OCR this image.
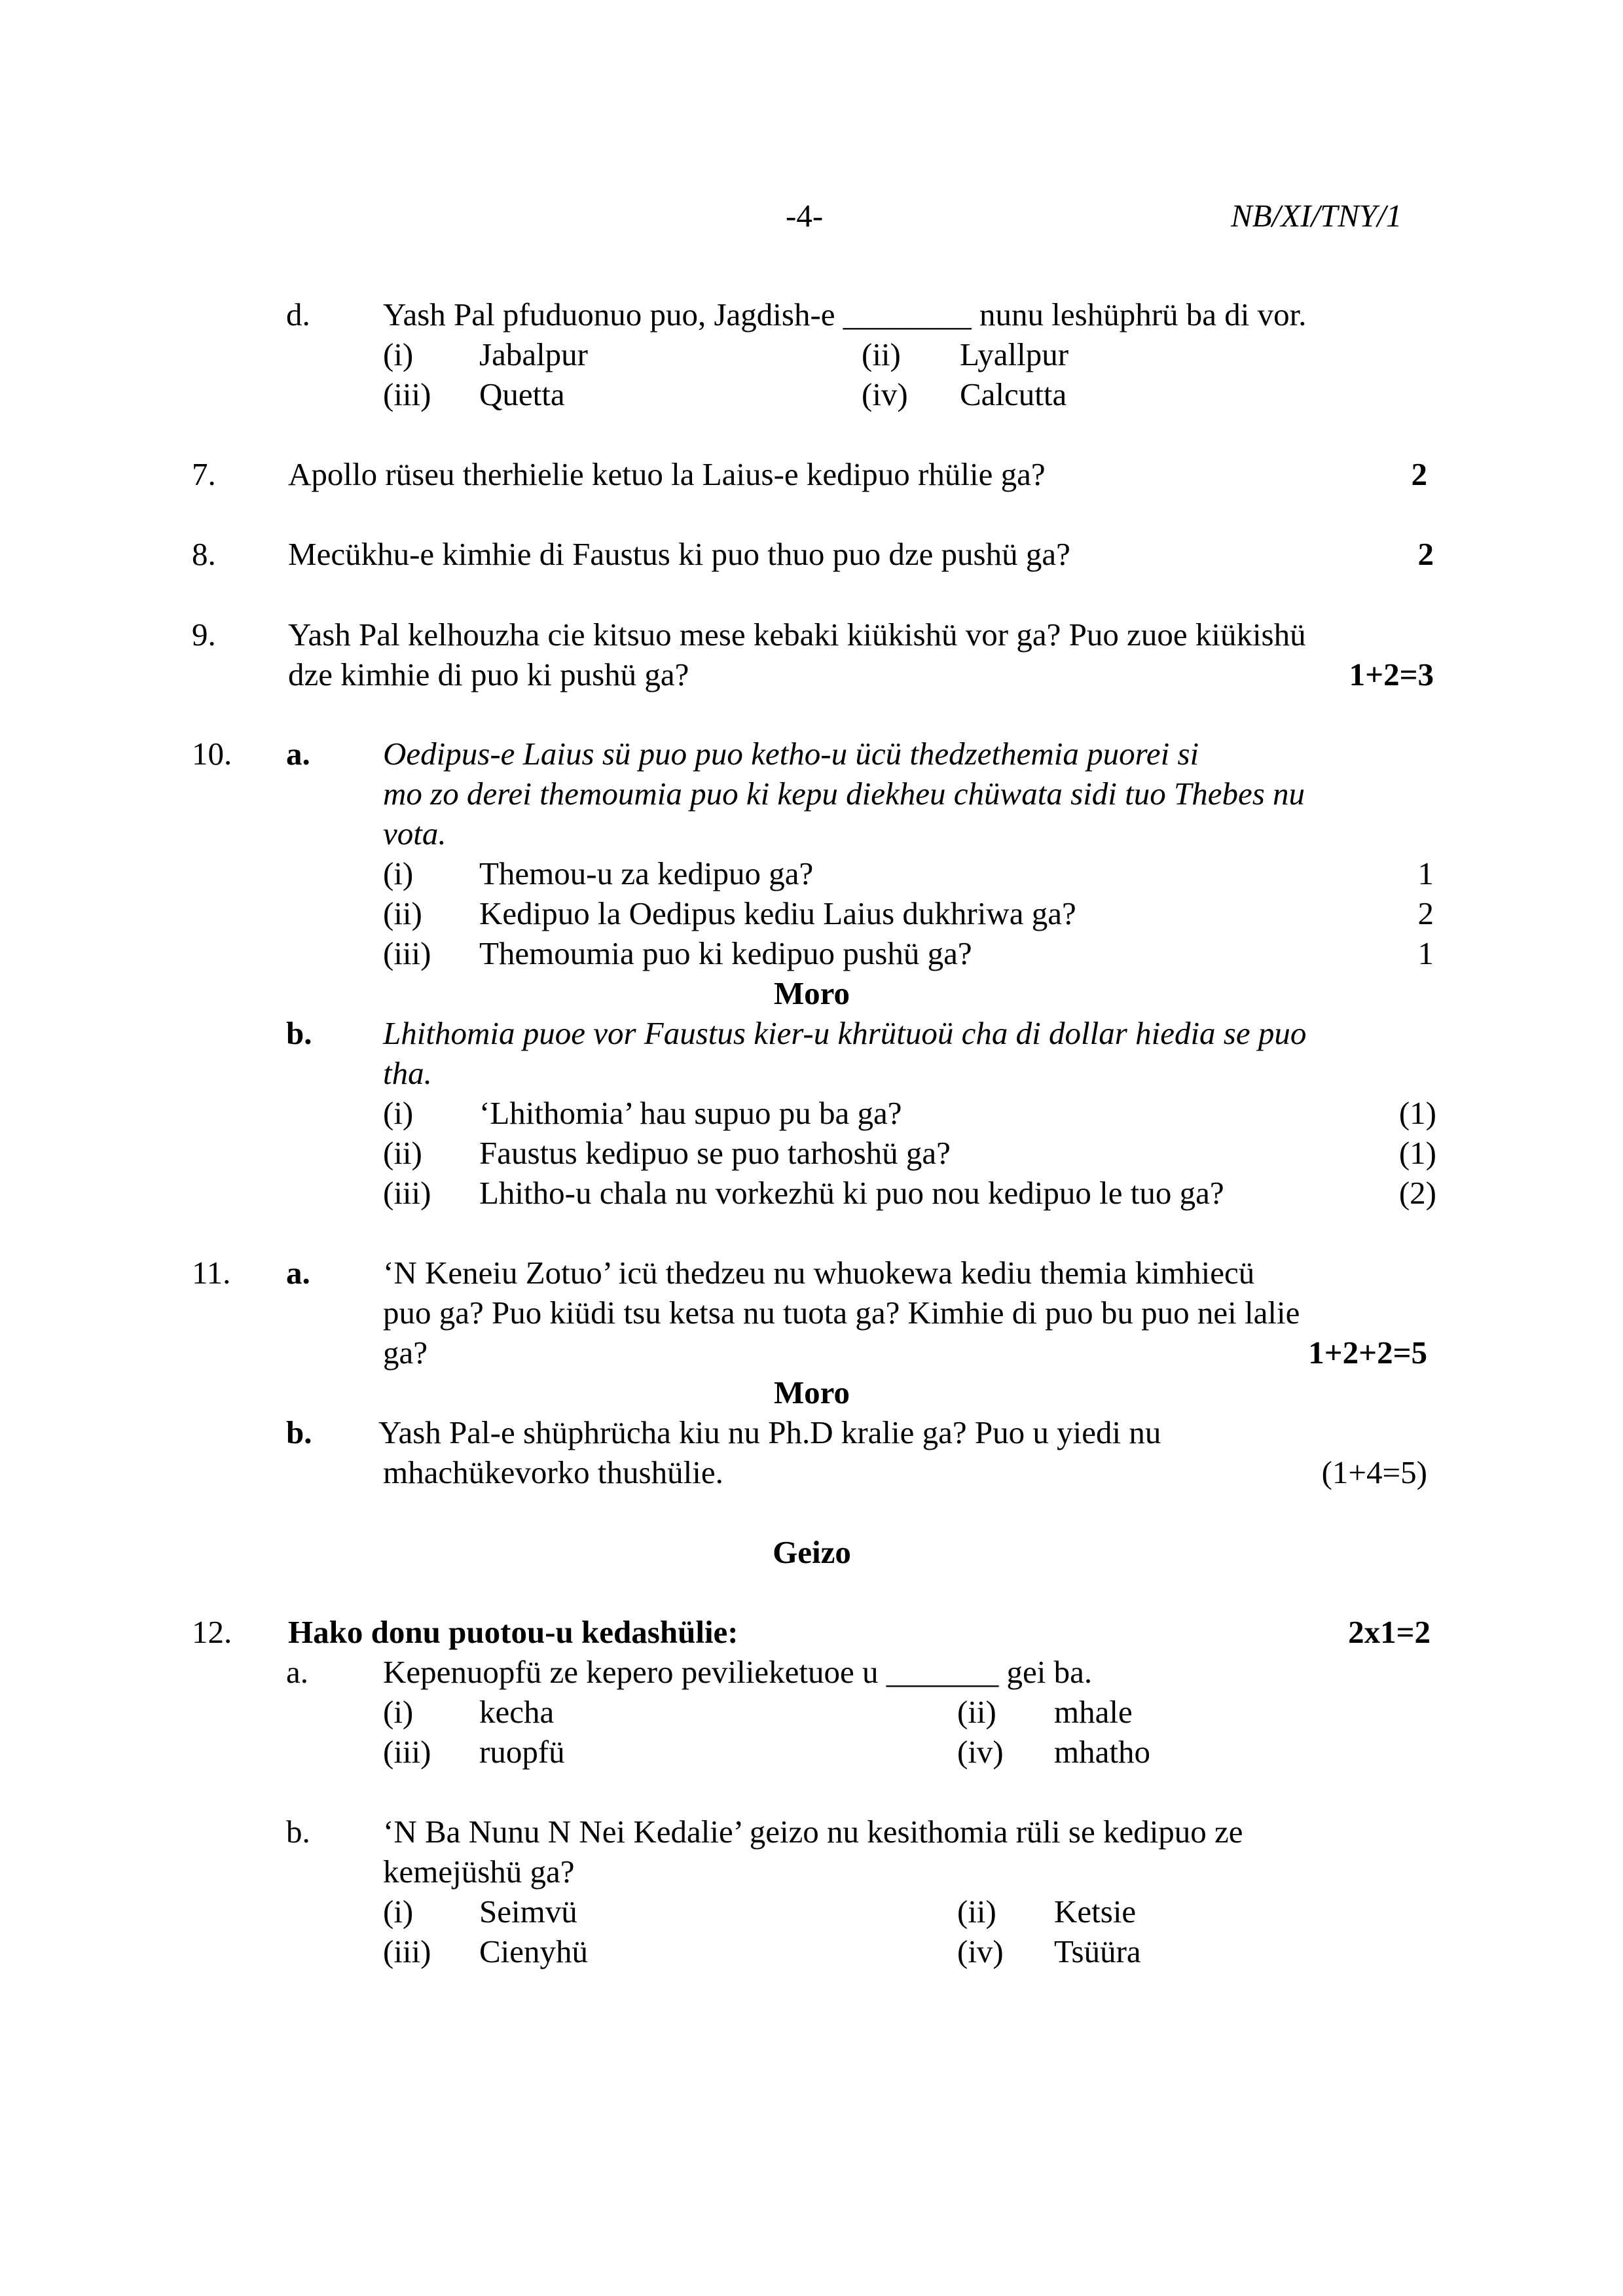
-4-	NB/XI/TNY/1
d. Yash Pal pfuduonuo puo, Jagdish-e ________ nunu leshüphrü ba di vor.
(i) Jabalpur	(ii) Lyallpur
(iii) Quetta	(iv) Calcutta
7. Apollo rüseu therhielie ketuo la Laius-e kedipuo rhülie ga?	2
8. Mecükhu-e kimhie di Faustus ki puo thuo puo dze pushü ga?	2
9. Yash Pal kelhouzha cie kitsuo mese kebaki kiükishü vor ga? Puo zuoe kiükishü
dze kimhie di puo ki pushü ga?	1+2=3
10. a. Oedipus-e Laius sü puo puo ketho-u ücü thedzethemia puorei si
mo zo derei themoumia puo ki kepu diekheu chüwata sidi tuo Thebes nu
vota.
(i) Themou-u za kedipuo ga?	1
(ii) Kedipuo la Oedipus kediu Laius dukhriwa ga?	2
(iii) Themoumia puo ki kedipuo pushü ga?	1
Moro
b. Lhithomia puoe vor Faustus kier-u khrütuoü cha di dollar hiedia se puo
tha.
(i) ‘Lhithomia’ hau supuo pu ba ga?	(1)
(ii) Faustus kedipuo se puo tarhoshü ga?	(1)
(iii) Lhitho-u chala nu vorkezhü ki puo nou kedipuo le tuo ga?	(2)
11. a. ‘N Keneiu Zotuo’ icü thedzeu nu whuokewa kediu themia kimhiecü
puo ga? Puo kiüdi tsu ketsa nu tuota ga? Kimhie di puo bu puo nei lalie
ga?	1+2+2=5
Moro
b. Yash Pal-e shüphrücha kiu nu Ph.D kralie ga? Puo u yiedi nu
mhachükevorko thushülie.	(1+4=5)
Geizo
12. Hako donu puotou-u kedashülie:	2x1=2
a. Kepenuopfü ze kepero pevilieketuoe u _______ gei ba.
(i) kecha	(ii) mhale
(iii) ruopfü	(iv) mhatho
b. ‘N Ba Nunu N Nei Kedalie’ geizo nu kesithomia rüli se kedipuo ze
kemejüshü ga?
(i) Seimvü	(ii) Ketsie
(iii) Cienyhü	(iv) Tsüüra
